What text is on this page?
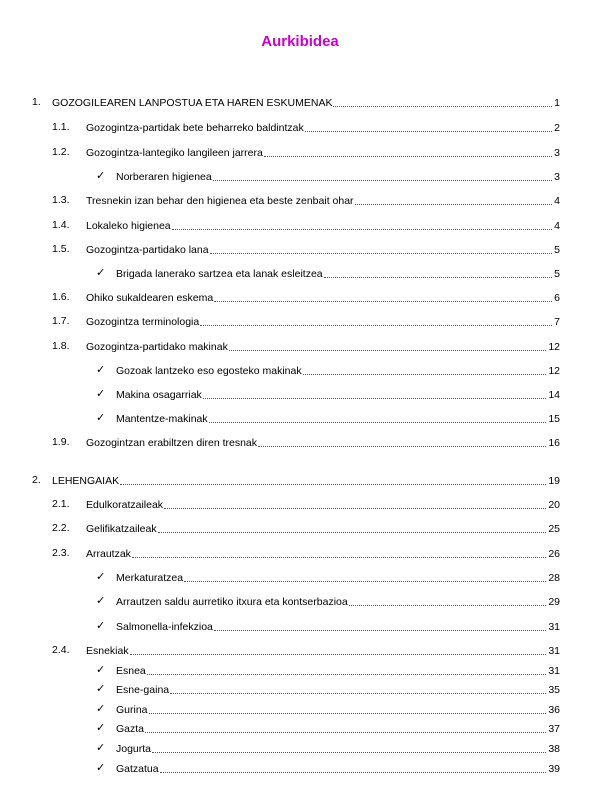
Aurkibidea
1. GOZOGILEAREN LANPOSTUA ETA HAREN ESKUMENAK	1
1.1. Gozogintza-partidak bete beharreko baldintzak	2
1.2. Gozogintza-lantegiko langileen jarrera	3
✓ Norberaren higienea	3
1.3. Tresnekin izan behar den higienea eta beste zenbait ohar	4
1.4. Lokaleko higienea	4
1.5. Gozogintza-partidako lana	5
✓ Brigada lanerako sartzea eta lanak esleitzea	5
1.6. Ohiko sukaldearen eskema	6
1.7. Gozogintza terminologia	7
1.8. Gozogintza-partidako makinak	12
✓ Gozoak lantzeko eso egosteko makinak	12
✓ Makina osagarriak	14
✓ Mantentze-makinak	15
1.9. Gozogintzan erabiltzen diren tresnak	16
2. LEHENGAIAK	19
2.1. Edulkoratzaileak	20
2.2. Gelifikatzaileak	25
2.3. Arrautzak	26
✓ Merkaturatzea	28
✓ Arrautzen saldu aurretiko itxura eta kontserbazioa	29
✓ Salmonella-infekzioa	31
2.4. Esnekiak	31
✓ Esnea	31
✓ Esne-gaina	35
✓ Gurina	36
✓ Gazta	37
✓ Jogurta	38
✓ Gatzatua	39
